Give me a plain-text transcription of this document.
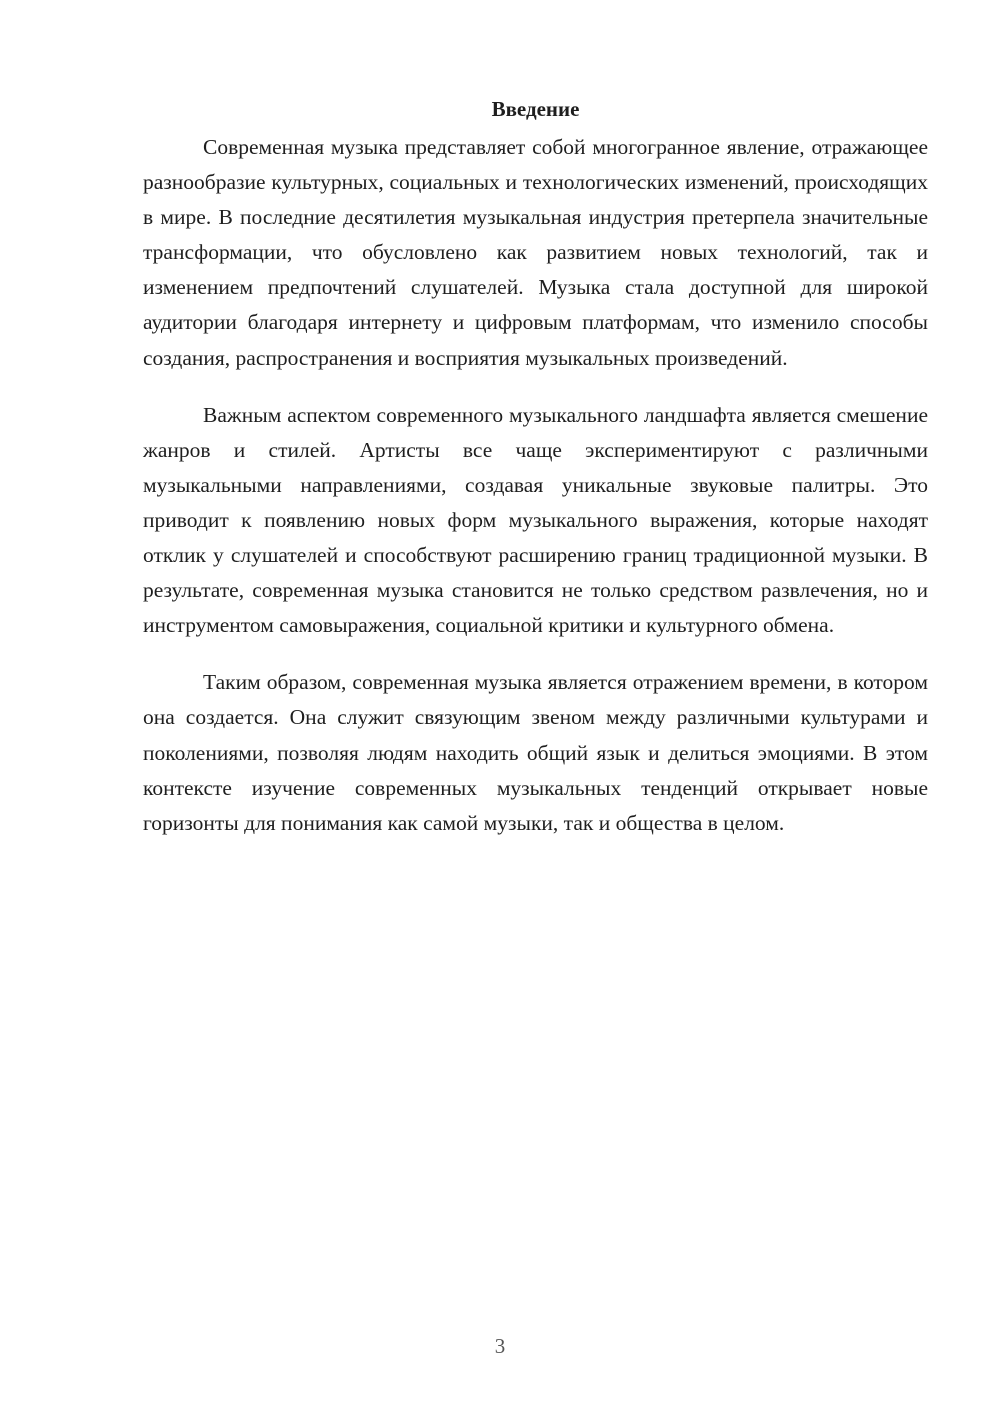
Введение

Современная музыка представляет собой многогранное явление, отражающее разнообразие культурных, социальных и технологических изменений, происходящих в мире. В последние десятилетия музыкальная индустрия претерпела значительные трансформации, что обусловлено как развитием новых технологий, так и изменением предпочтений слушателей. Музыка стала доступной для широкой аудитории благодаря интернету и цифровым платформам, что изменило способы создания, распространения и восприятия музыкальных произведений.

Важным аспектом современного музыкального ландшафта является смешение жанров и стилей. Артисты все чаще экспериментируют с различными музыкальными направлениями, создавая уникальные звуковые палитры. Это приводит к появлению новых форм музыкального выражения, которые находят отклик у слушателей и способствуют расширению границ традиционной музыки. В результате, современная музыка становится не только средством развлечения, но и инструментом самовыражения, социальной критики и культурного обмена.

Таким образом, современная музыка является отражением времени, в котором она создается. Она служит связующим звеном между различными культурами и поколениями, позволяя людям находить общий язык и делиться эмоциями. В этом контексте изучение современных музыкальных тенденций открывает новые горизонты для понимания как самой музыки, так и общества в целом.

3
